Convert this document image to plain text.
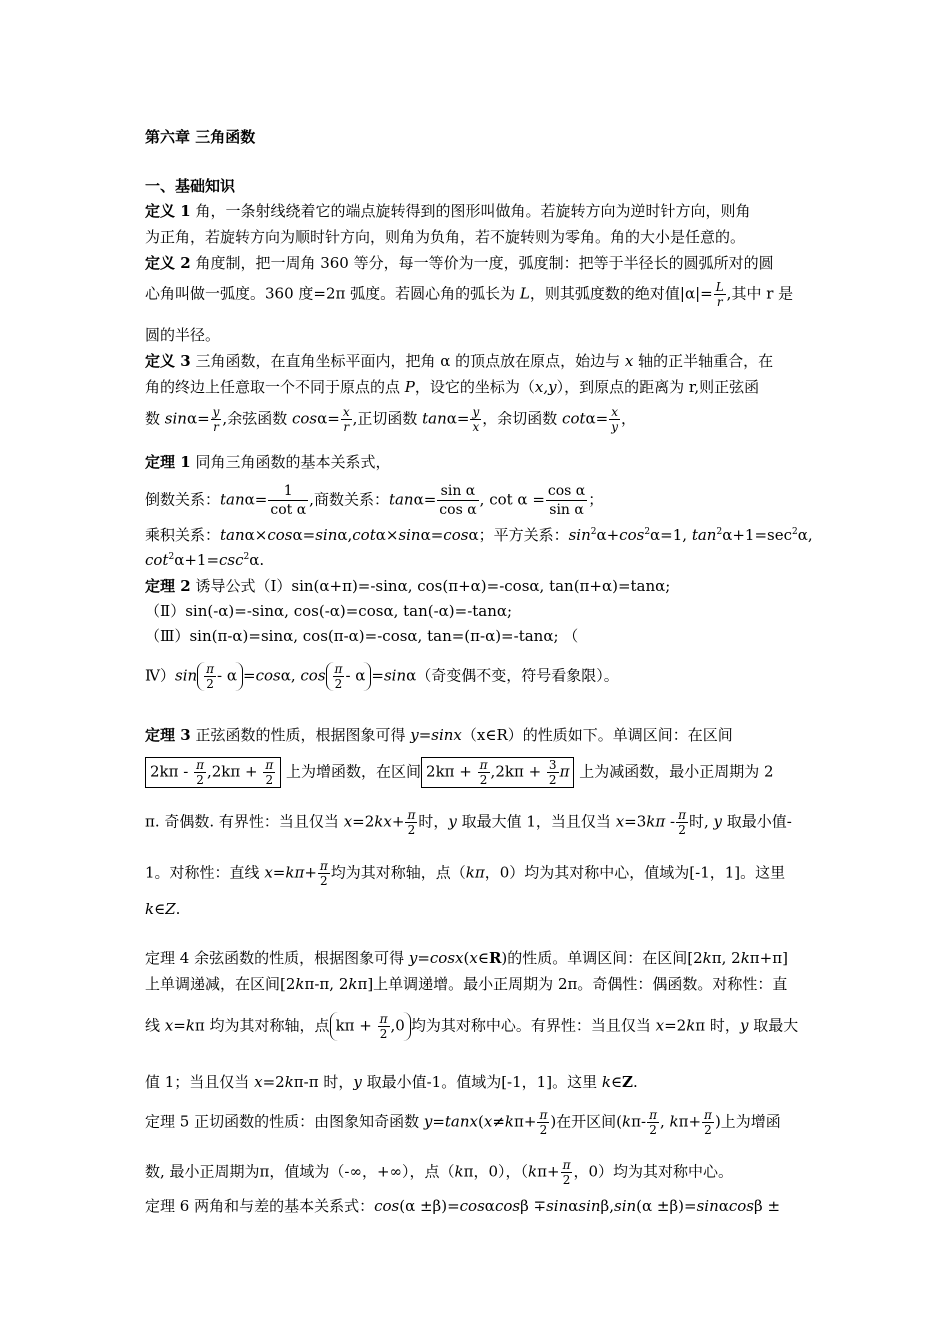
第六章 三角函数
一、基础知识
定义 1 角，一条射线绕着它的端点旋转得到的图形叫做角。若旋转方向为逆时针方向，则角
为正角，若旋转方向为顺时针方向，则角为负角，若不旋转则为零角。角的大小是任意的。
定义 2 角度制，把一周角 360 等分，每一等价为一度，弧度制：把等于半径长的圆弧所对的圆
心角叫做一弧度。360 度=2π 弧度。若圆心角的弧长为 L，则其弧度数的绝对值$|\alpha|= \frac{L}{r}$ ,其中 r 是
圆的半径。
定义 3 三角函数，在直角坐标平面内，把角 α 的顶点放在原点，始边与 x 轴的正半轴重合，在
角的终边上任意取一个不同于原点的点 P，设它的坐标为（x,y），到原点的距离为 r,则正弦函
数 $\sin\alpha= \frac{y}{r}$ ,余弦函数 $\cos\alpha= \frac{x}{r}$ ,正切函数 $\tan\alpha= \frac{y}{x}$ ，余切函数 $\cot\alpha= \frac{x}{y}$ ，
定理 1 同角三角函数的基本关系式，
倒数关系：$\tan\alpha= \frac{1}{\text{cot α}}$ ,商数关系：$\tan\alpha= \frac{\text{sin α}}{\text{cos α}}$ , $\cot \alpha = \frac{\text{cos α}}{\text{sin α}}$ ；
乘积关系：tanα×cosα=sinα,cotα×sinα=cosα；平方关系：$\sin^2\alpha+\cos^2\alpha=1$, $\tan^2\alpha+1=\sec^2\alpha$,
$\cot^2\alpha+1=\csc^2\alpha$.
定理 2 诱导公式（Ⅰ）sin(α+π)=-sinα, cos(π+α)=-cosα, tan(π+α)=tanα;
（Ⅱ）sin(-α)=-sinα, cos(-α)=cosα, tan(-α)=-tanα;
（Ⅲ）sin(π-α)=sinα, cos(π-α)=-cosα, tan=(π-α)=-tanα; （
Ⅳ）sin $\frac{\pi}{2} - \alpha =\cos\alpha$, $\cos \frac{\pi}{2} - \alpha =\sin\alpha$（奇变偶不变，符号看象限）。
定理 3 正弦函数的性质，根据图象可得 y=sinx（x∈R）的性质如下。单调区间：在区间
$2k\pi - \frac{\pi}{2} ,2k\pi + \frac{\pi}{2}$ 上为增函数，在区间 $2k\pi + \frac{\pi}{2} ,2k\pi + \frac{3}{2}$ π 上为减函数，最小正周期为 2
π. 奇偶数. 有界性：当且仅当 $x=2kx+ \frac{\pi}{2}$ 时，y 取最大值 1，当且仅当 $x=3k\pi - \frac{\pi}{2}$ 时, y 取最小值-
1。对称性：直线 $x=k\pi+ \frac{\pi}{2}$ 均为其对称轴，点（kπ，0）均为其对称中心，值域为[-1，1]。这里
k∈Z.
定理 4 余弦函数的性质，根据图象可得 y=cosx(x∈R)的性质。单调区间：在区间[2kπ, 2kπ+π]
上单调递减，在区间[2kπ-π, 2kπ]上单调递增。最小正周期为 2π。奇偶性：偶函数。对称性：直
线 x=kπ 均为其对称轴，点 $k\pi + \frac{\pi}{2} ,0$ 均为其对称中心。有界性：当且仅当 x=2kπ 时，y 取最大
值 1；当且仅当 x=2kπ-π 时，y 取最小值-1。值域为[-1，1]。这里 k∈Z.
定理 5 正切函数的性质：由图象知奇函数 $y=\tan x(x\ne k\pi+ \frac{\pi}{2}$ )在开区间($k\pi- \frac{\pi}{2}$ , $k\pi+ \frac{\pi}{2}$ )上为增函
数, 最小正周期为π，值域为（-∞，+∞），点（kπ，0），（$k\pi+ \frac{\pi}{2}$ ，0）均为其对称中心。
定理 6 两角和与差的基本关系式：cos(α ±β)=cosαcosβ ∓sinαsinβ,sin(α ±β)=sinαcosβ ±
